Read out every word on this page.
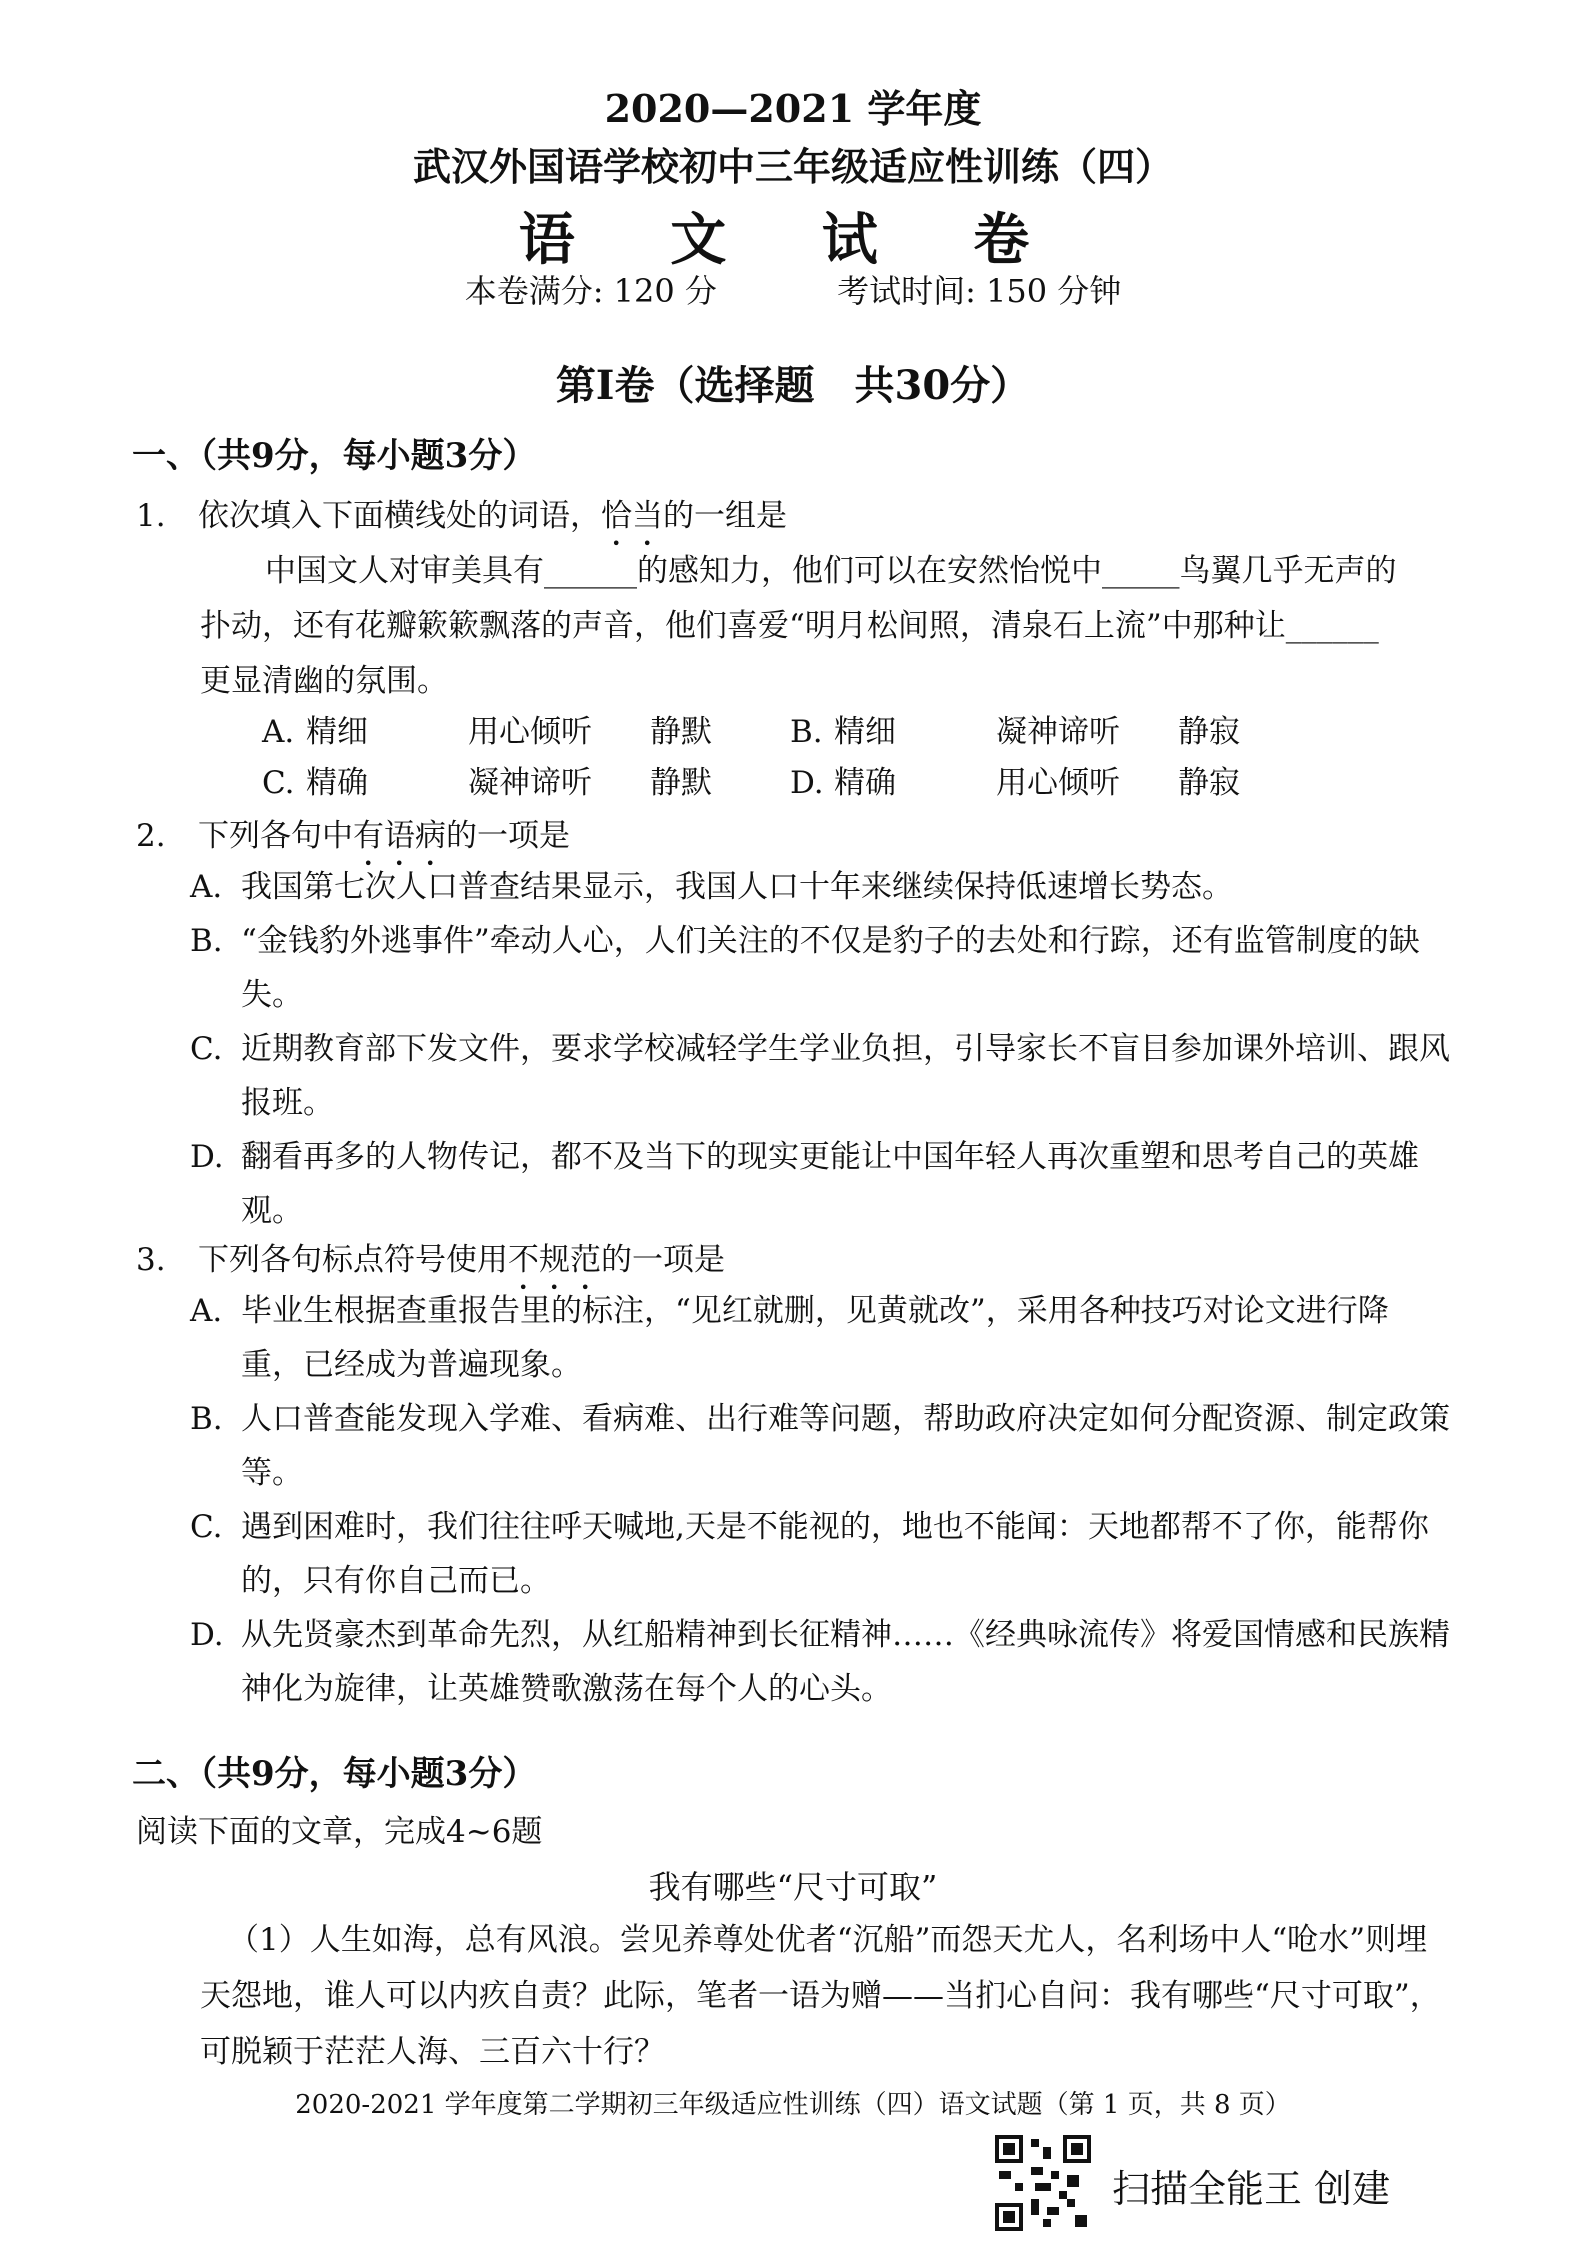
2020—2021 学年度
武汉外国语学校初中三年级适应性训练（四）
语 文 试 卷
本卷满分: 120 分	考试时间: 150 分钟
第Ⅰ卷（选择题　共30分）
一、（共9分，每小题3分）
1. 依次填入下面横线处的词语，恰当的一组是
中国文人对审美具有______的感知力，他们可以在安然怡悦中_____鸟翼几乎无声的
扑动，还有花瓣簌簌飘落的声音，他们喜爱“明月松间照，清泉石上流”中那种让______
更显清幽的氛围。
A. 精细	用心倾听 静默	B. 精细	凝神谛听 静寂
C. 精确	凝神谛听 静默	D. 精确	用心倾听 静寂
2. 下列各句中有语病的一项是
A. 我国第七次人口普查结果显示，我国人口十年来继续保持低速增长势态。
B. “金钱豹外逃事件”牵动人心，人们关注的不仅是豹子的去处和行踪，还有监管制度的缺失。
C. 近期教育部下发文件，要求学校减轻学生学业负担，引导家长不盲目参加课外培训、跟风报班。
D. 翻看再多的人物传记，都不及当下的现实更能让中国年轻人再次重塑和思考自己的英雄观。
3. 下列各句标点符号使用不规范的一项是
A. 毕业生根据查重报告里的标注，“见红就删，见黄就改”，采用各种技巧对论文进行降重，已经成为普遍现象。
B. 人口普查能发现入学难、看病难、出行难等问题，帮助政府决定如何分配资源、制定政策等。
C. 遇到困难时，我们往往呼天喊地,天是不能视的，地也不能闻：天地都帮不了你，能帮你的，只有你自己而已。
D. 从先贤豪杰到革命先烈，从红船精神到长征精神……《经典咏流传》将爱国情感和民族精神化为旋律，让英雄赞歌激荡在每个人的心头。
二、（共9分，每小题3分）
阅读下面的文章，完成4~6题
我有哪些“尺寸可取”
（1）人生如海，总有风浪。尝见养尊处优者“沉船”而怨天尤人，名利场中人“呛水”则埋天怨地，谁人可以内疚自责？此际，笔者一语为赠——当扪心自问：我有哪些“尺寸可取”，可脱颖于茫茫人海、三百六十行？
2020-2021 学年度第二学期初三年级适应性训练（四）语文试题（第 1 页，共 8 页）
扫描全能王 创建
